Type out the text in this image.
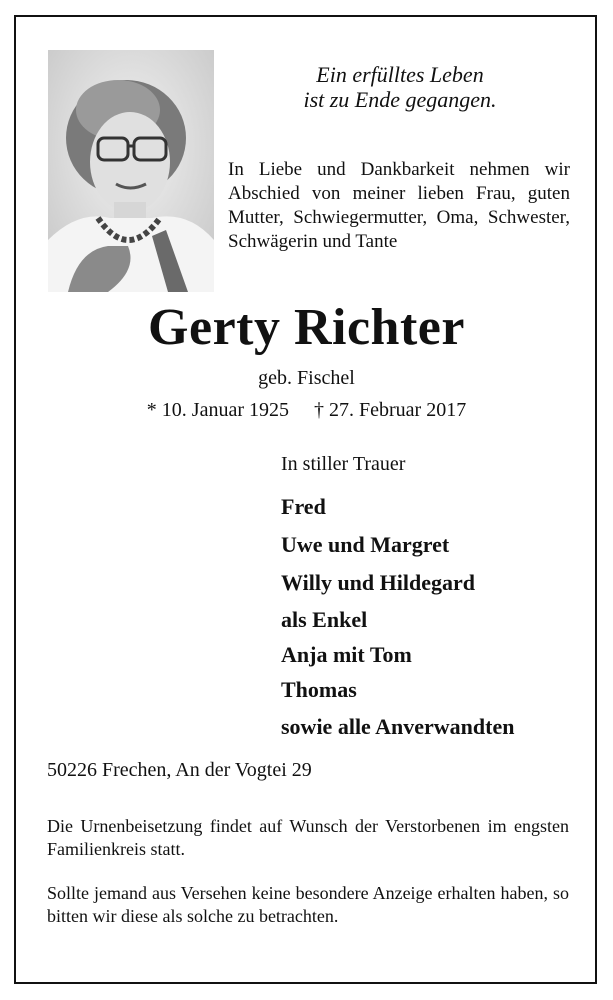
Ein erfülltes Leben
ist zu Ende gegangen.
In Liebe und Dankbarkeit nehmen wir Abschied von meiner lieben Frau, guten Mutter, Schwiegermutter, Oma, Schwester, Schwägerin und Tante
Gerty Richter
geb. Fischel
* 10. Januar 1925 † 27. Februar 2017
In stiller Trauer
Fred
Uwe und Margret
Willy und Hildegard
als Enkel
Anja mit Tom
Thomas
sowie alle Anverwandten
50226 Frechen, An der Vogtei 29
Die Urnenbeisetzung findet auf Wunsch der Verstorbenen im engsten Familienkreis statt.
Sollte jemand aus Versehen keine besondere Anzeige erhalten haben, so bitten wir diese als solche zu betrachten.
